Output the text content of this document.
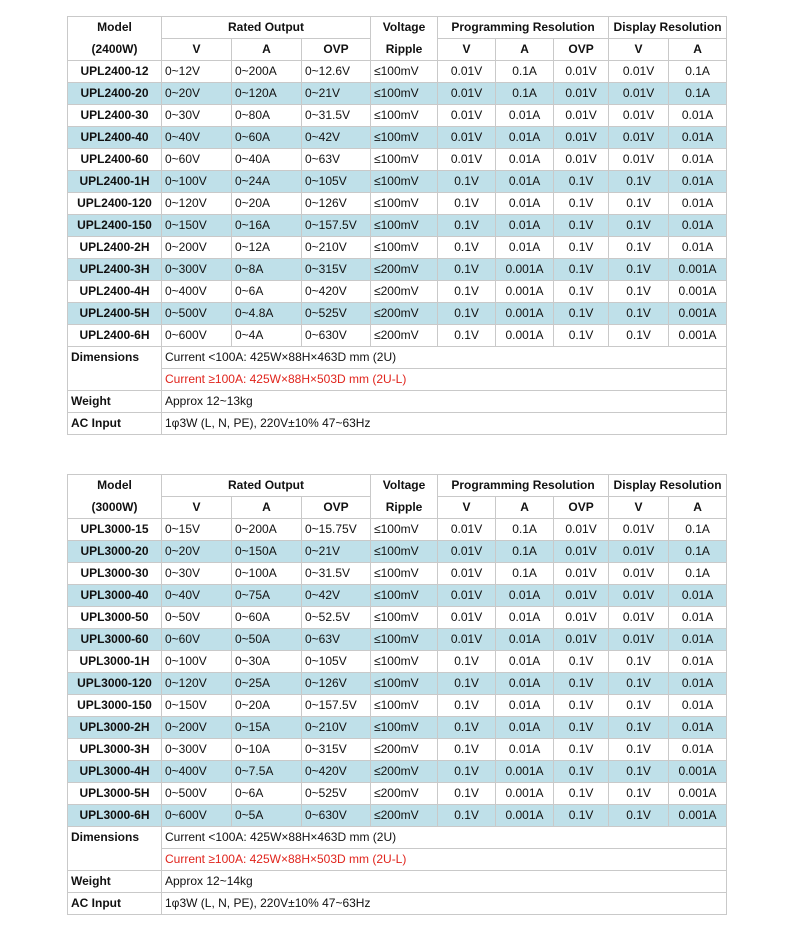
Model	Rated Output			Voltage	Programming Resolution			Display Resolution	
(2400W)	V	A	OVP	Ripple	V	A	OVP	V	A
UPL2400-12	0~12V	0~200A	0~12.6V	≤100mV	0.01V	0.1A	0.01V	0.01V	0.1A
UPL2400-20	0~20V	0~120A	0~21V	≤100mV	0.01V	0.1A	0.01V	0.01V	0.1A
UPL2400-30	0~30V	0~80A	0~31.5V	≤100mV	0.01V	0.01A	0.01V	0.01V	0.01A
UPL2400-40	0~40V	0~60A	0~42V	≤100mV	0.01V	0.01A	0.01V	0.01V	0.01A
UPL2400-60	0~60V	0~40A	0~63V	≤100mV	0.01V	0.01A	0.01V	0.01V	0.01A
UPL2400-1H	0~100V	0~24A	0~105V	≤100mV	0.1V	0.01A	0.1V	0.1V	0.01A
UPL2400-120	0~120V	0~20A	0~126V	≤100mV	0.1V	0.01A	0.1V	0.1V	0.01A
UPL2400-150	0~150V	0~16A	0~157.5V	≤100mV	0.1V	0.01A	0.1V	0.1V	0.01A
UPL2400-2H	0~200V	0~12A	0~210V	≤100mV	0.1V	0.01A	0.1V	0.1V	0.01A
UPL2400-3H	0~300V	0~8A	0~315V	≤200mV	0.1V	0.001A	0.1V	0.1V	0.001A
UPL2400-4H	0~400V	0~6A	0~420V	≤200mV	0.1V	0.001A	0.1V	0.1V	0.001A
UPL2400-5H	0~500V	0~4.8A	0~525V	≤200mV	0.1V	0.001A	0.1V	0.1V	0.001A
UPL2400-6H	0~600V	0~4A	0~630V	≤200mV	0.1V	0.001A	0.1V	0.1V	0.001A
Dimensions	Current <100A: 425W×88H×463D mm (2U)								
	Current ≥100A: 425W×88H×503D mm (2U-L)								
Weight	Approx 12~13kg								
AC Input	1φ3W (L, N, PE), 220V±10% 47~63Hz								
Model	Rated Output			Voltage	Programming Resolution			Display Resolution	
(3000W)	V	A	OVP	Ripple	V	A	OVP	V	A
UPL3000-15	0~15V	0~200A	0~15.75V	≤100mV	0.01V	0.1A	0.01V	0.01V	0.1A
UPL3000-20	0~20V	0~150A	0~21V	≤100mV	0.01V	0.1A	0.01V	0.01V	0.1A
UPL3000-30	0~30V	0~100A	0~31.5V	≤100mV	0.01V	0.1A	0.01V	0.01V	0.1A
UPL3000-40	0~40V	0~75A	0~42V	≤100mV	0.01V	0.01A	0.01V	0.01V	0.01A
UPL3000-50	0~50V	0~60A	0~52.5V	≤100mV	0.01V	0.01A	0.01V	0.01V	0.01A
UPL3000-60	0~60V	0~50A	0~63V	≤100mV	0.01V	0.01A	0.01V	0.01V	0.01A
UPL3000-1H	0~100V	0~30A	0~105V	≤100mV	0.1V	0.01A	0.1V	0.1V	0.01A
UPL3000-120	0~120V	0~25A	0~126V	≤100mV	0.1V	0.01A	0.1V	0.1V	0.01A
UPL3000-150	0~150V	0~20A	0~157.5V	≤100mV	0.1V	0.01A	0.1V	0.1V	0.01A
UPL3000-2H	0~200V	0~15A	0~210V	≤100mV	0.1V	0.01A	0.1V	0.1V	0.01A
UPL3000-3H	0~300V	0~10A	0~315V	≤200mV	0.1V	0.01A	0.1V	0.1V	0.01A
UPL3000-4H	0~400V	0~7.5A	0~420V	≤200mV	0.1V	0.001A	0.1V	0.1V	0.001A
UPL3000-5H	0~500V	0~6A	0~525V	≤200mV	0.1V	0.001A	0.1V	0.1V	0.001A
UPL3000-6H	0~600V	0~5A	0~630V	≤200mV	0.1V	0.001A	0.1V	0.1V	0.001A
Dimensions	Current <100A: 425W×88H×463D mm (2U)								
	Current ≥100A: 425W×88H×503D mm (2U-L)								
Weight	Approx 12~14kg								
AC Input	1φ3W (L, N, PE), 220V±10% 47~63Hz								
